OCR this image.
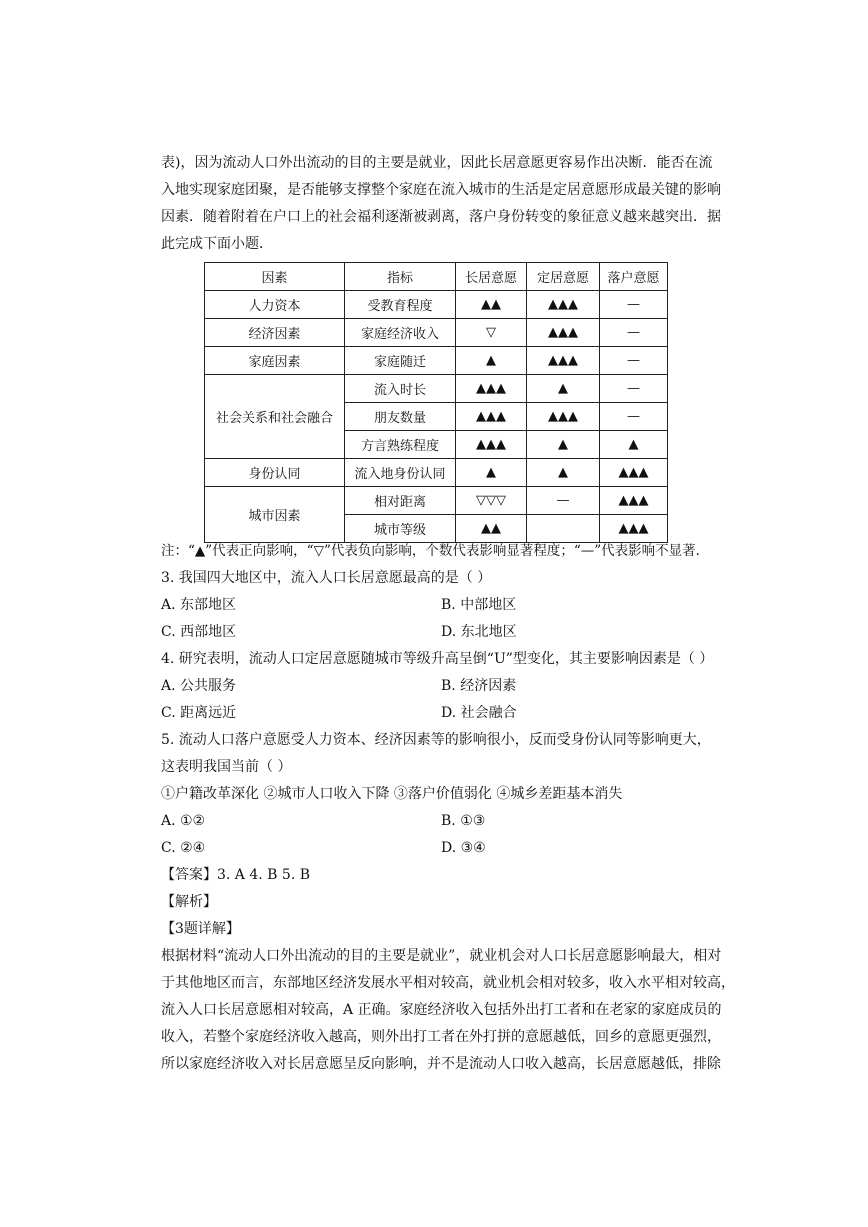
表)，因为流动人口外出流动的目的主要是就业，因此长居意愿更容易作出决断．能否在流
入地实现家庭团聚，是否能够支撑整个家庭在流入城市的生活是定居意愿形成最关键的影响
因素．随着附着在户口上的社会福利逐渐被剥离，落户身份转变的象征意义越来越突出．据
此完成下面小题．
因素	指标	长居意愿	定居意愿	落户意愿
人力资本	受教育程度	▲▲	▲▲▲	—
经济因素	家庭经济收入	▽	▲▲▲	—
家庭因素	家庭随迁	▲	▲▲▲	—
社会关系和社会融合	流入时长	▲▲▲	▲	—
	朋友数量	▲▲▲	▲▲▲	—
	方言熟练程度	▲▲▲	▲	▲
身份认同	流入地身份认同	▲	▲	▲▲▲
城市因素	相对距离	▽▽▽	—	▲▲▲
	城市等级	▲▲		▲▲▲
注：“▲”代表正向影响，“▽”代表负向影响，个数代表影响显著程度；“—”代表影响不显著．
3. 我国四大地区中，流入人口长居意愿最高的是（ ）
A. 东部地区	B. 中部地区
C. 西部地区	D. 东北地区
4. 研究表明，流动人口定居意愿随城市等级升高呈倒“U”型变化，其主要影响因素是（ ）
A. 公共服务	B. 经济因素
C. 距离远近	D. 社会融合
5. 流动人口落户意愿受人力资本、经济因素等的影响很小，反而受身份认同等影响更大，
这表明我国当前（ ）
①户籍改革深化 ②城市人口收入下降 ③落户价值弱化 ④城乡差距基本消失
A. ①②	B. ①③
C. ②④	D. ③④
【答案】3. A 4. B 5. B
【解析】
【3题详解】
根据材料“流动人口外出流动的目的主要是就业”，就业机会对人口长居意愿影响最大，相对
于其他地区而言，东部地区经济发展水平相对较高，就业机会相对较多，收入水平相对较高，
流入人口长居意愿相对较高，A 正确。家庭经济收入包括外出打工者和在老家的家庭成员的
收入，若整个家庭经济收入越高，则外出打工者在外打拼的意愿越低，回乡的意愿更强烈，
所以家庭经济收入对长居意愿呈反向影响，并不是流动人口收入越高，长居意愿越低，排除
